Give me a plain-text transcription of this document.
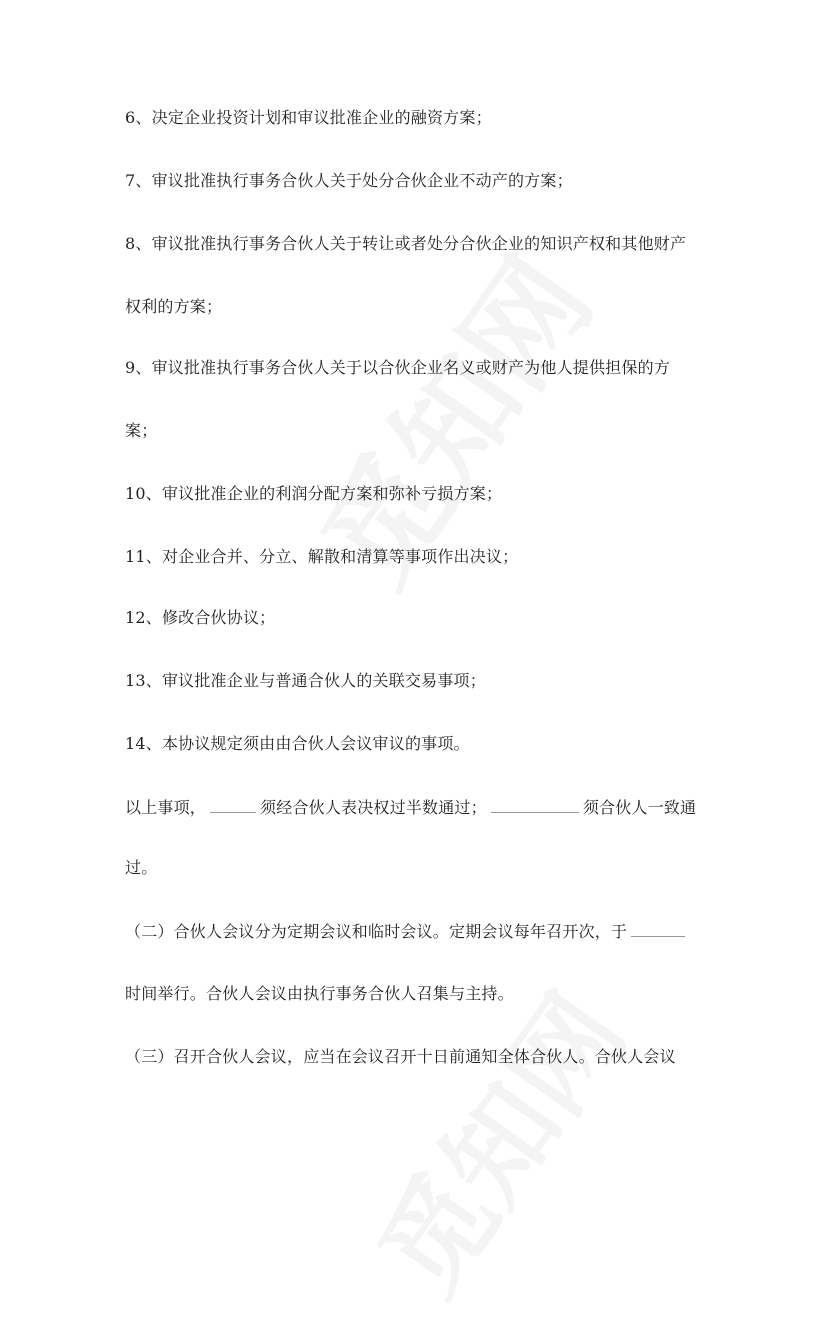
6、决定企业投资计划和审议批准企业的融资方案；
7、审议批准执行事务合伙人关于处分合伙企业不动产的方案；
8、审议批准执行事务合伙人关于转让或者处分合伙企业的知识产权和其他财产
权利的方案；
9、审议批准执行事务合伙人关于以合伙企业名义或财产为他人提供担保的方
案；
10、审议批准企业的利润分配方案和弥补亏损方案；
11、对企业合并、分立、解散和清算等事项作出决议；
12、修改合伙协议；
13、审议批准企业与普通合伙人的关联交易事项；
14、本协议规定须由由合伙人会议审议的事项。
以上事项，	须经合伙人表决权过半数通过；	须合伙人一致通
过。
（二）合伙人会议分为定期会议和临时会议。定期会议每年召开次，于
时间举行。合伙人会议由执行事务合伙人召集与主持。
（三）召开合伙人会议，应当在会议召开十日前通知全体合伙人。合伙人会议
